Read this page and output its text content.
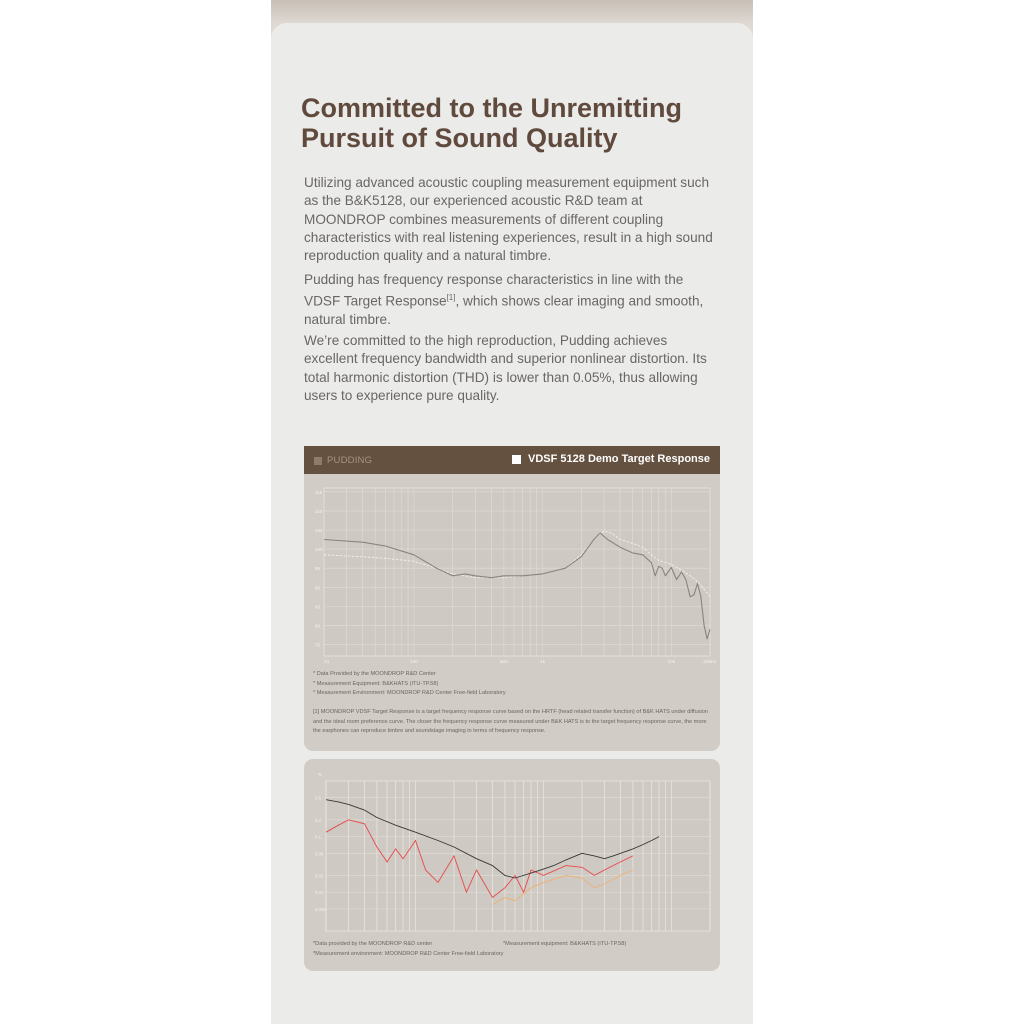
Committed to the Unremitting Pursuit of Sound Quality

Utilizing advanced acoustic coupling measurement equipment such as the B&K5128, our experienced acoustic R&D team at MOONDROP combines measurements of different coupling characteristics with real listening experiences, result in a high sound reproduction quality and a natural timbre.

Pudding has frequency response characteristics in line with the VDSF Target Response[1], which shows clear imaging and smooth, natural timbre.

We’re committed to the high reproduction, Pudding achieves excellent frequency bandwidth and superior nonlinear distortion. Its total harmonic distortion (THD) is lower than 0.05%, thus allowing users to experience pure quality.

PUDDING	VDSF 5128 Demo Target Response
115
110
105
100
95
90
85
80
75
21	100	500	1k	10k	20kHz
* Data Provided by the MOONDROP R&D Center
* Measurement Equipment: B&KHATS (ITU-TP.58)
* Measurement Environment: MOONDROP R&D Center Free-field Laboratory
[1] MOONDROP VDSF Target Response is a target frequency response curve based on the HRTF (head related transfer function) of B&K HATS under diffusion and the ideal room preference curve. The closer the frequency response curve measured under B&K HATS is to the target frequency response curve, the more the earphones can reproduce timbre and soundstage imaging in terms of frequency response.
0.5
0.2
0.1
0.05
0.02
0.01
0.005
%
*Data provided by the MOONDROP R&D center
*Measurement environment: MOONDROP R&D Center Free-field Laboratory
*Measurement equipment: B&KHATS (ITU-TP.58)
